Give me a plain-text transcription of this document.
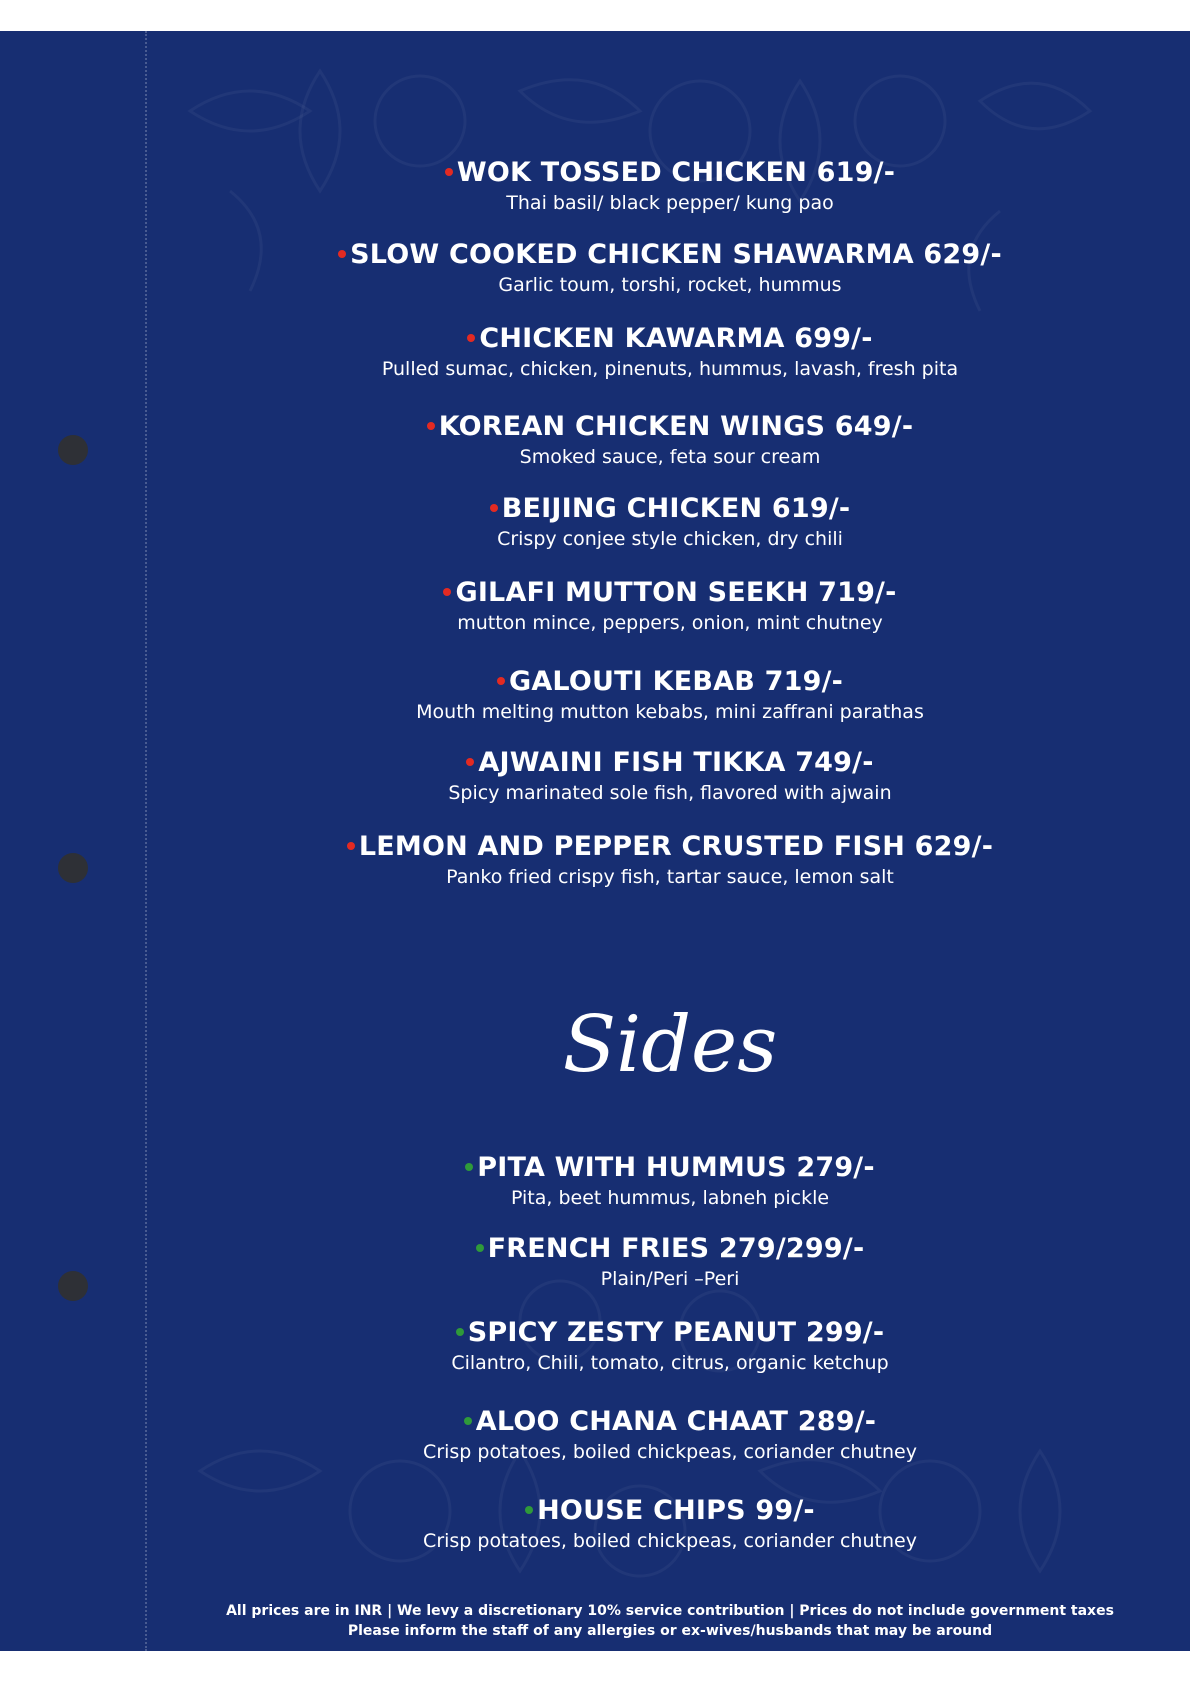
WOK TOSSED CHICKEN 619/-
Thai basil/ black pepper/ kung pao
SLOW COOKED CHICKEN SHAWARMA 629/-
Garlic toum, torshi, rocket, hummus
CHICKEN KAWARMA 699/-
Pulled sumac, chicken, pinenuts, hummus, lavash, fresh pita
KOREAN CHICKEN WINGS 649/-
Smoked sauce, feta sour cream
BEIJING CHICKEN 619/-
Crispy conjee style chicken, dry chili
GILAFI MUTTON SEEKH 719/-
mutton mince, peppers, onion, mint chutney
GALOUTI KEBAB 719/-
Mouth melting mutton kebabs, mini zaffrani parathas
AJWAINI FISH TIKKA 749/-
Spicy marinated sole fish, flavored with ajwain
LEMON AND PEPPER CRUSTED FISH 629/-
Panko fried crispy fish, tartar sauce, lemon salt
Sides
PITA WITH HUMMUS 279/-
Pita, beet hummus, labneh pickle
FRENCH FRIES 279/299/-
Plain/Peri –Peri
SPICY ZESTY PEANUT 299/-
Cilantro, Chili, tomato, citrus, organic ketchup
ALOO CHANA CHAAT 289/-
Crisp potatoes, boiled chickpeas, coriander chutney
HOUSE CHIPS 99/-
Crisp potatoes, boiled chickpeas, coriander chutney
All prices are in INR | We levy a discretionary 10% service contribution | Prices do not include government taxes
Please inform the staff of any allergies or ex-wives/husbands that may be around
